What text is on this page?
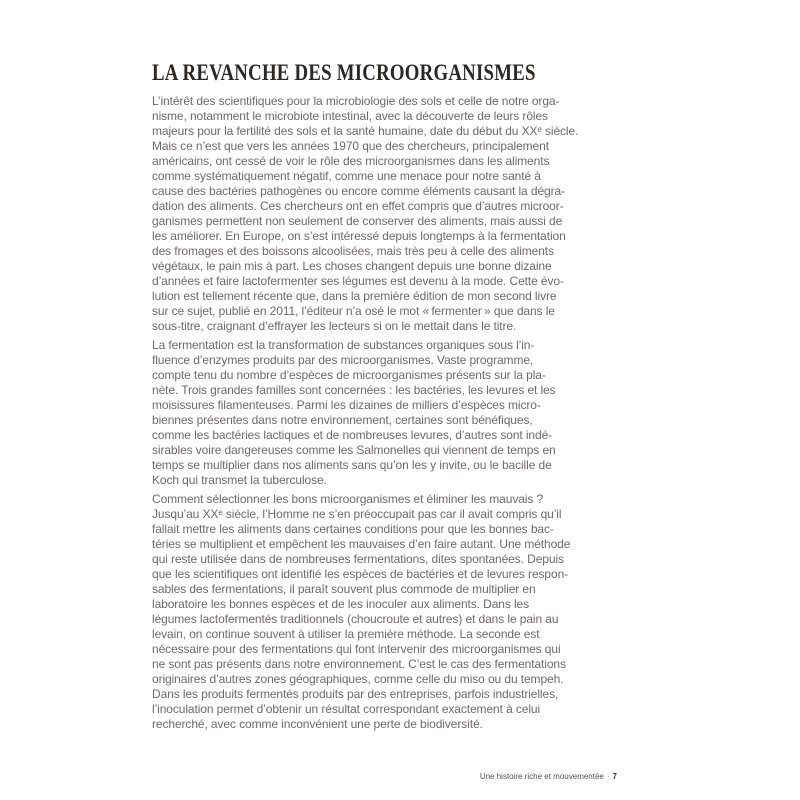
LA REVANCHE DES MICROORGANISMES

L’intérêt des scientifiques pour la microbiologie des sols et celle de notre orga-
nisme, notamment le microbiote intestinal, avec la découverte de leurs rôles
majeurs pour la fertilité des sols et la santé humaine, date du début du XXᵉ siècle.
Mais ce n’est que vers les années 1970 que des chercheurs, principalement
américains, ont cessé de voir le rôle des microorganismes dans les aliments
comme systématiquement négatif, comme une menace pour notre santé à
cause des bactéries pathogènes ou encore comme éléments causant la dégra-
dation des aliments. Ces chercheurs ont en effet compris que d’autres microor-
ganismes permettent non seulement de conserver des aliments, mais aussi de
les améliorer. En Europe, on s’est intéressé depuis longtemps à la fermentation
des fromages et des boissons alcoolisées, mais très peu à celle des aliments
végétaux, le pain mis à part. Les choses changent depuis une bonne dizaine
d’années et faire lactofermenter ses légumes est devenu à la mode. Cette évo-
lution est tellement récente que, dans la première édition de mon second livre
sur ce sujet, publié en 2011, l’éditeur n’a osé le mot « fermenter » que dans le
sous-titre, craignant d’effrayer les lecteurs si on le mettait dans le titre.

La fermentation est la transformation de substances organiques sous l’in-
fluence d’enzymes produits par des microorganismes. Vaste programme,
compte tenu du nombre d’espèces de microorganismes présents sur la pla-
nète. Trois grandes familles sont concernées : les bactéries, les levures et les
moisissures filamenteuses. Parmi les dizaines de milliers d’espèces micro-
biennes présentes dans notre environnement, certaines sont bénéfiques,
comme les bactéries lactiques et de nombreuses levures, d’autres sont indé-
sirables voire dangereuses comme les Salmonelles qui viennent de temps en
temps se multiplier dans nos aliments sans qu’on les y invite, ou le bacille de
Koch qui transmet la tuberculose.

Comment sélectionner les bons microorganismes et éliminer les mauvais ?
Jusqu’au XXᵉ siècle, l’Homme ne s’en préoccupait pas car il avait compris qu’il
fallait mettre les aliments dans certaines conditions pour que les bonnes bac-
téries se multiplient et empêchent les mauvaises d’en faire autant. Une méthode
qui reste utilisée dans de nombreuses fermentations, dites spontanées. Depuis
que les scientifiques ont identifié les espèces de bactéries et de levures respon-
sables des fermentations, il paraît souvent plus commode de multiplier en
laboratoire les bonnes espèces et de les inoculer aux aliments. Dans les
légumes lactofermentés traditionnels (choucroute et autres) et dans le pain au
levain, on continue souvent à utiliser la première méthode. La seconde est
nécessaire pour des fermentations qui font intervenir des microorganismes qui
ne sont pas présents dans notre environnement. C’est le cas des fermentations
originaires d’autres zones géographiques, comme celle du miso ou du tempeh.
Dans les produits fermentés produits par des entreprises, parfois industrielles,
l’inoculation permet d’obtenir un résultat correspondant exactement à celui
recherché, avec comme inconvénient une perte de biodiversité.

Une histoire riche et mouvementée · 7
